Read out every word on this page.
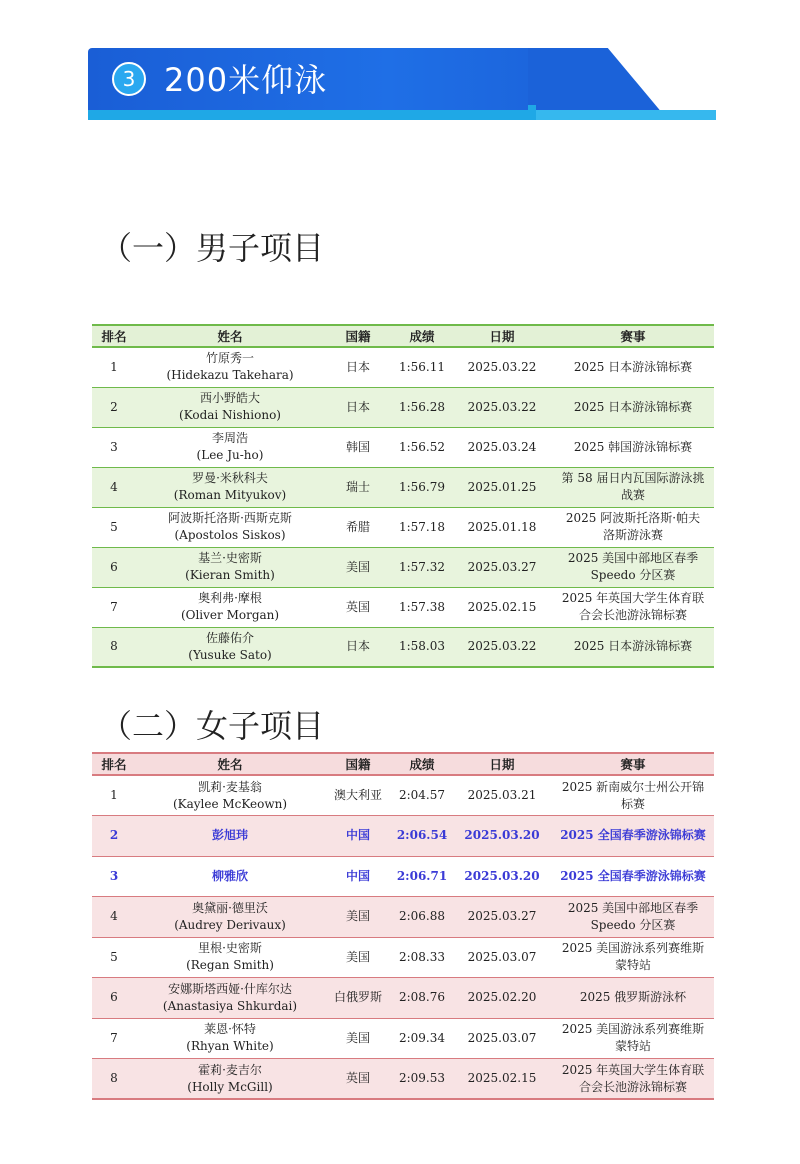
3 200米仰泳
（一）男子项目
排名	姓名	国籍	成绩	日期	赛事
1	竹原秀一
(Hidekazu Takehara)	日本	1:56.11	2025.03.22	2025 日本游泳锦标赛
2	西小野皓大
(Kodai Nishiono)	日本	1:56.28	2025.03.22	2025 日本游泳锦标赛
3	李周浩
(Lee Ju-ho)	韩国	1:56.52	2025.03.24	2025 韩国游泳锦标赛
4	罗曼·米秋科夫
(Roman Mityukov)	瑞士	1:56.79	2025.01.25	第 58 届日内瓦国际游泳挑战赛
5	阿波斯托洛斯·西斯克斯
(Apostolos Siskos)	希腊	1:57.18	2025.01.18	2025 阿波斯托洛斯·帕夫洛斯游泳赛
6	基兰·史密斯
(Kieran Smith)	美国	1:57.32	2025.03.27	2025 美国中部地区春季 Speedo 分区赛
7	奥利弗·摩根
(Oliver Morgan)	英国	1:57.38	2025.02.15	2025 年英国大学生体育联合会长池游泳锦标赛
8	佐藤佑介
(Yusuke Sato)	日本	1:58.03	2025.03.22	2025 日本游泳锦标赛
（二）女子项目
排名	姓名	国籍	成绩	日期	赛事
1	凯莉·麦基翁
(Kaylee McKeown)	澳大利亚	2:04.57	2025.03.21	2025 新南威尔士州公开锦标赛
2	彭旭玮	中国	2:06.54	2025.03.20	2025 全国春季游泳锦标赛
3	柳雅欣	中国	2:06.71	2025.03.20	2025 全国春季游泳锦标赛
4	奥黛丽·德里沃
(Audrey Derivaux)	美国	2:06.88	2025.03.27	2025 美国中部地区春季 Speedo 分区赛
5	里根·史密斯
(Regan Smith)	美国	2:08.33	2025.03.07	2025 美国游泳系列赛维斯蒙特站
6	安娜斯塔西娅·什库尔达
(Anastasiya Shkurdai)	白俄罗斯	2:08.76	2025.02.20	2025 俄罗斯游泳杯
7	莱恩·怀特
(Rhyan White)	美国	2:09.34	2025.03.07	2025 美国游泳系列赛维斯蒙特站
8	霍莉·麦吉尔
(Holly McGill)	英国	2:09.53	2025.02.15	2025 年英国大学生体育联合会长池游泳锦标赛
